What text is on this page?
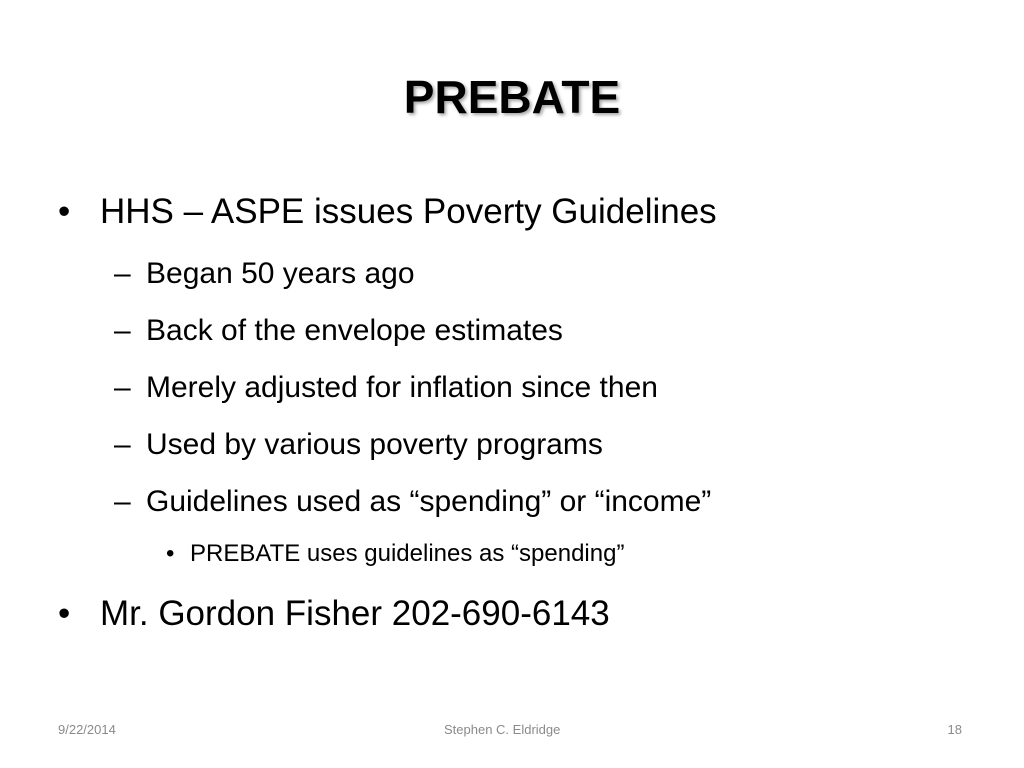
PREBATE
• HHS – ASPE issues Poverty Guidelines
– Began 50 years ago
– Back of the envelope estimates
– Merely adjusted for inflation since then
– Used by various poverty programs
– Guidelines used as “spending” or “income”
• PREBATE uses guidelines as “spending”
• Mr. Gordon Fisher 202-690-6143
9/22/2014	Stephen C. Eldridge	18
